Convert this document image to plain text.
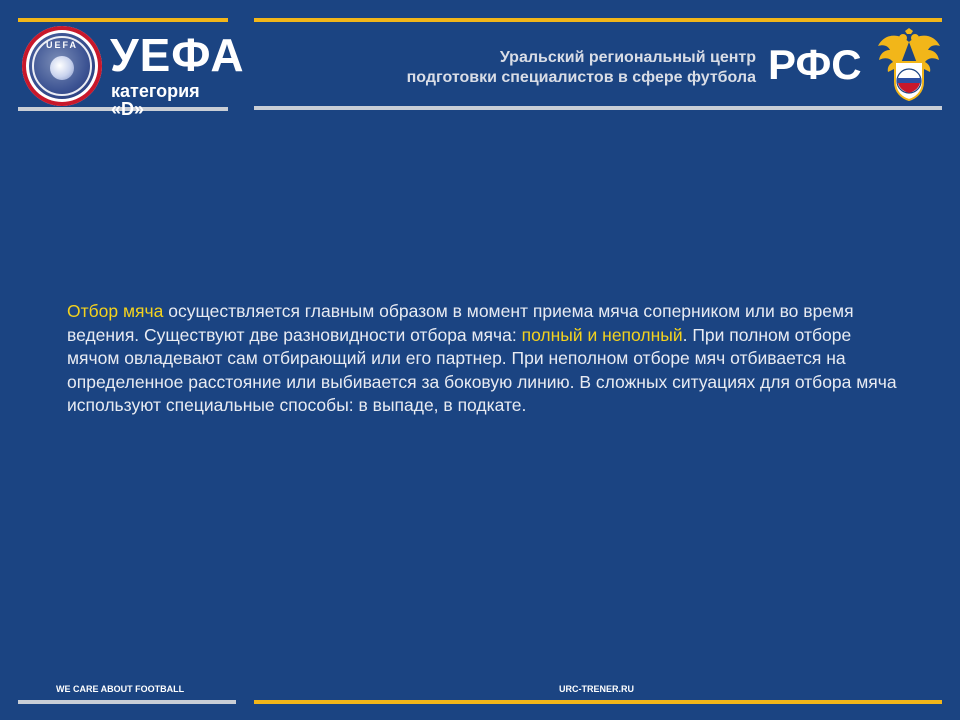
UEFA УЕФА
категория «D»
Уральский региональный центр
подготовки специалистов в сфере футбола РФС
Отбор мяча осуществляется главным образом в момент приема мяча соперником или во время ведения. Существуют две разновидности отбора мяча: полный и неполный. При полном отборе мячом овладевают сам отбирающий или его партнер. При неполном отборе мяч отбивается на определенное расстояние или выбивается за боковую линию. В сложных ситуациях для отбора мяча используют специальные способы: в выпаде, в подкате.
WE CARE ABOUT FOOTBALL	URC-TRENER.RU
